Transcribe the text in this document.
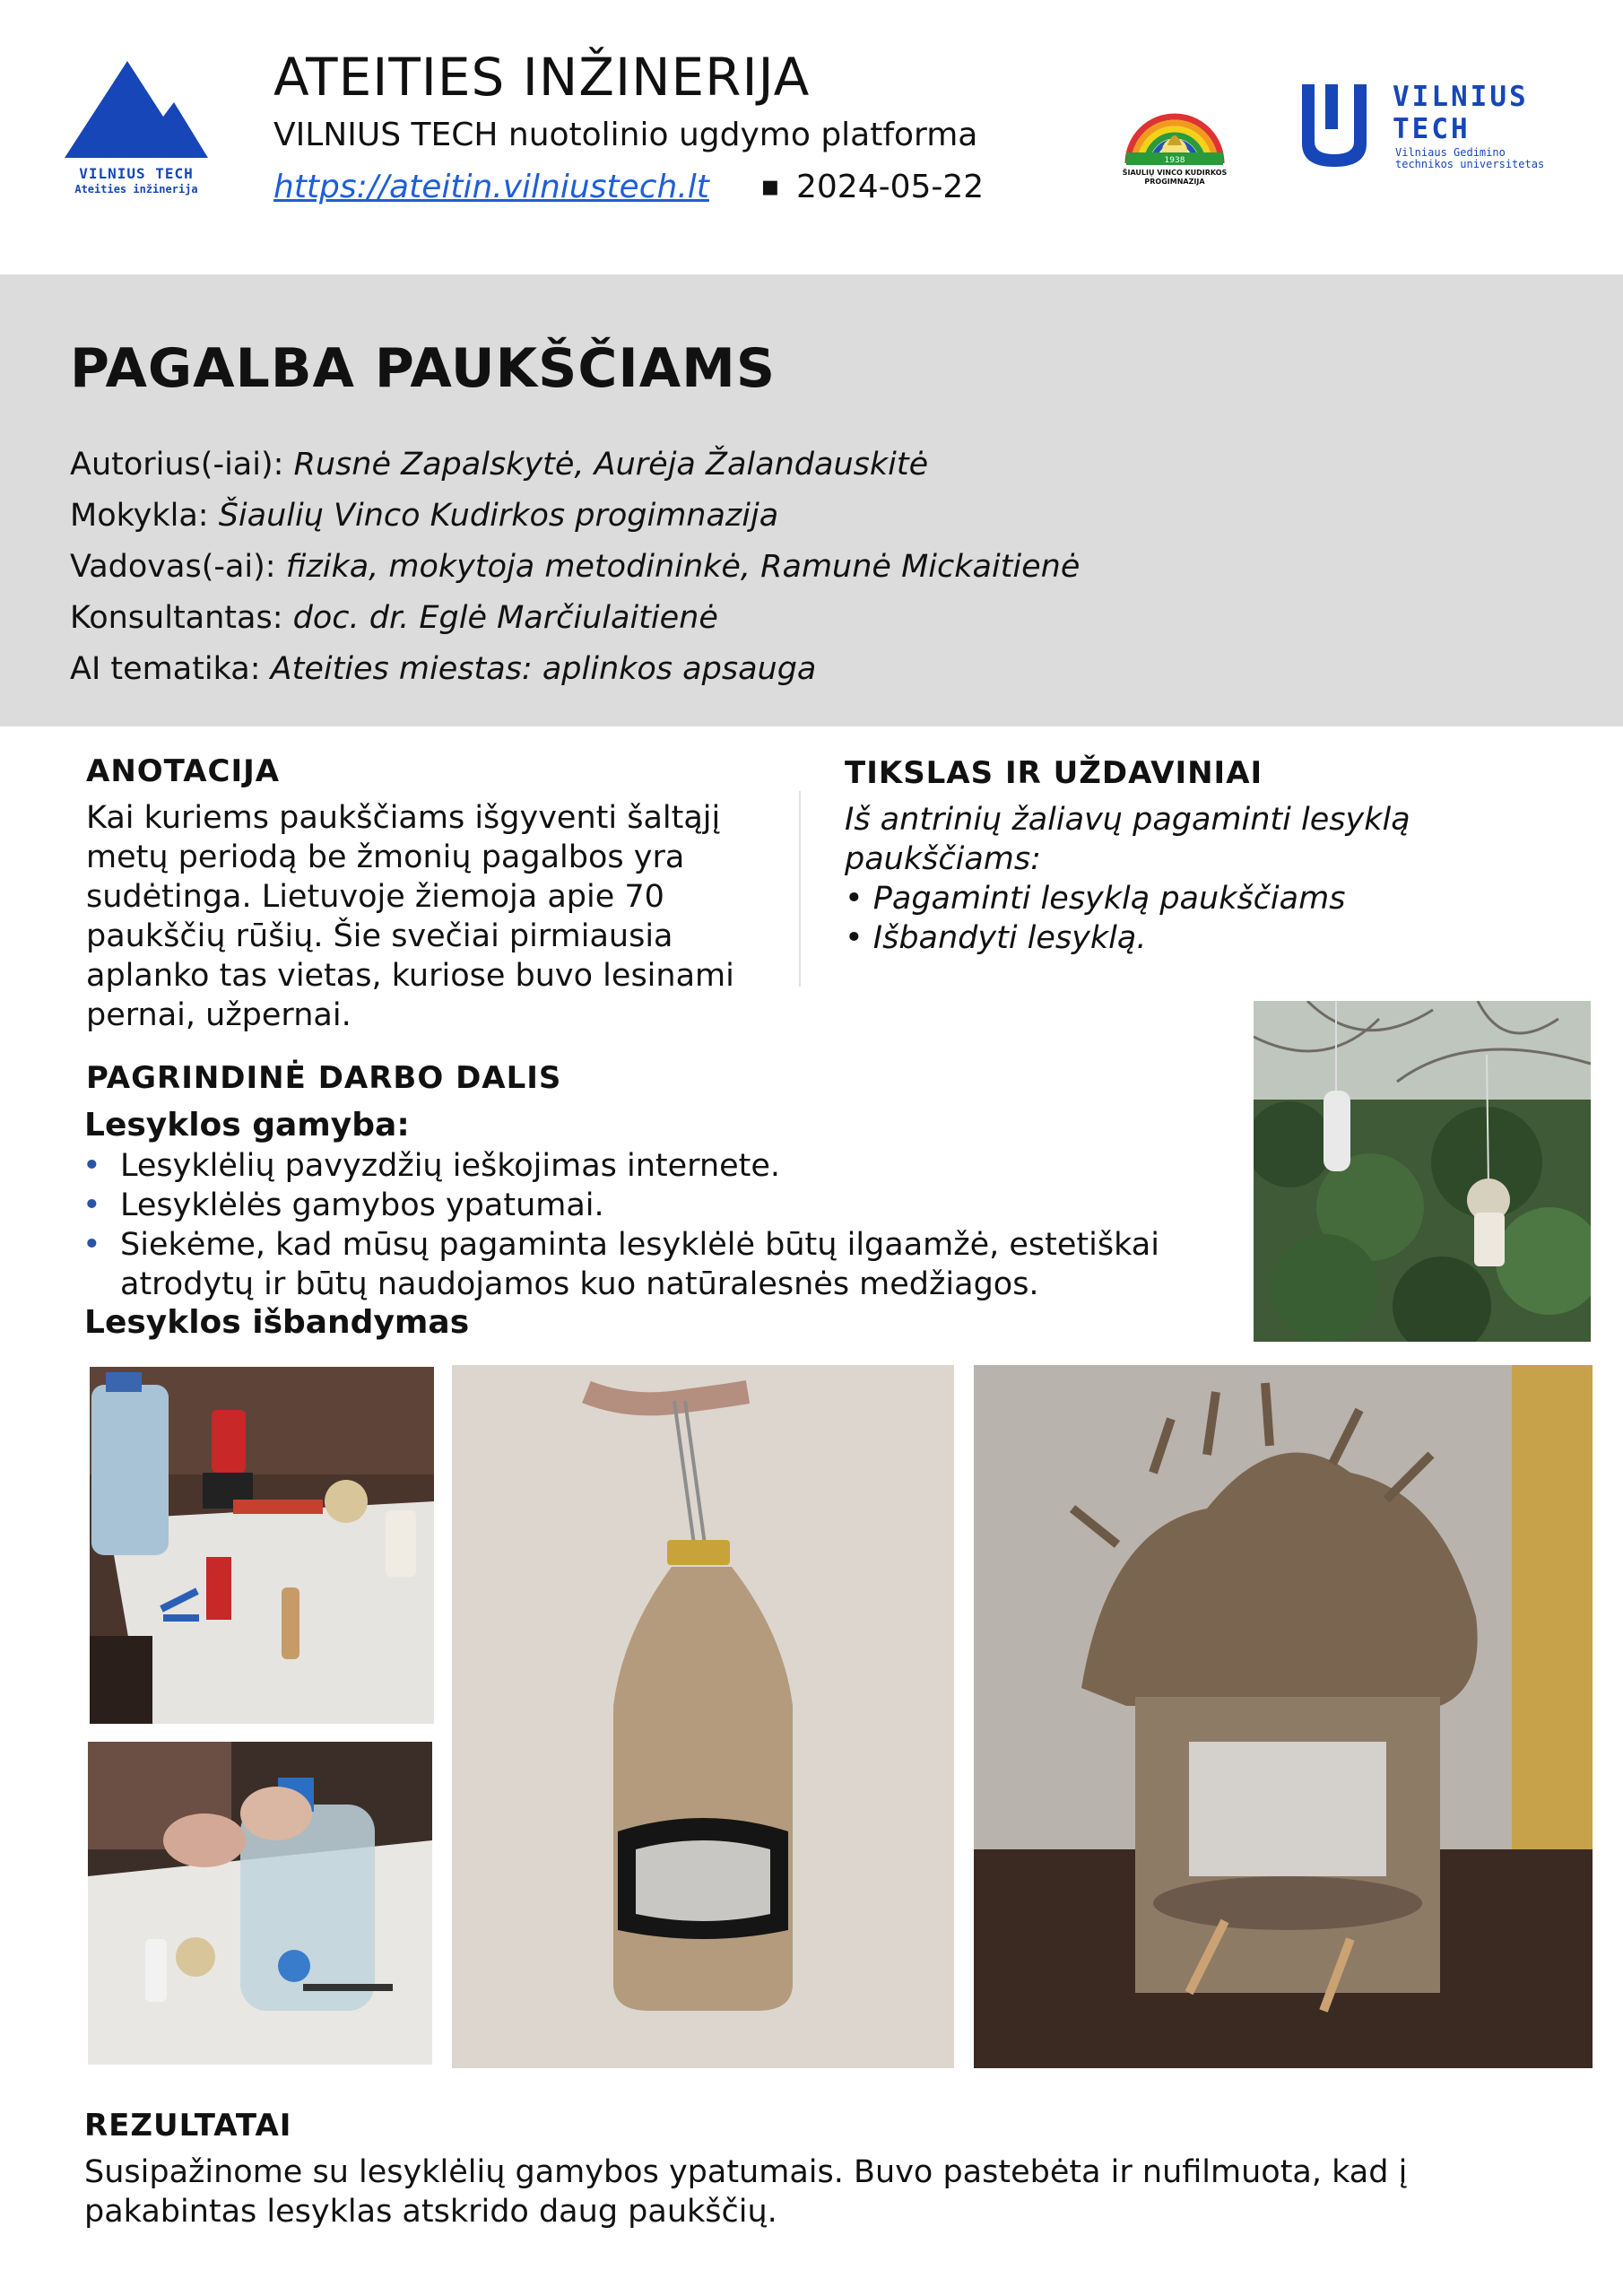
VILNIUS TECH
Ateities inžinerija
ATEITIES INŽINERIJA
VILNIUS TECH nuotolinio ugdymo platforma
https://ateitin.vilniustech.lt ▪ 2024-05-22
1938
ŠIAULIŲ VINCO KUDIRKOS PROGIMNAZIJA
VILNIUS
TECH
Vilniaus Gedimino
technikos universitetas
PAGALBA PAUKŠČIAMS
Autorius(-iai): Rusnė Zapalskytė, Aurėja Žalandauskitė
Mokykla: Šiaulių Vinco Kudirkos progimnazija
Vadovas(-ai): fizika, mokytoja metodininkė, Ramunė Mickaitienė
Konsultantas: doc. dr. Eglė Marčiulaitienė
AI tematika: Ateities miestas: aplinkos apsauga
ANOTACIJA
Kai kuriems paukščiams išgyventi šaltąjį metų periodą be žmonių pagalbos yra sudėtinga. Lietuvoje žiemoja apie 70 paukščių rūšių. Šie svečiai pirmiausia aplanko tas vietas, kuriose buvo lesinami pernai, užpernai.
TIKSLAS IR UŽDAVINIAI
Iš antrinių žaliavų pagaminti lesyklą paukščiams:
• Pagaminti lesyklą paukščiams
• Išbandyti lesyklą.
PAGRINDINĖ DARBO DALIS
Lesyklos gamyba:
• Lesyklėlių pavyzdžių ieškojimas internete.
• Lesyklėlės gamybos ypatumai.
• Siekėme, kad mūsų pagaminta lesyklėlė būtų ilgaamžė, estetiškai atrodytų ir būtų naudojamos kuo natūralesnės medžiagos.
Lesyklos išbandymas
REZULTATAI
Susipažinome su lesyklėlių gamybos ypatumais. Buvo pastebėta ir nufilmuota, kad į pakabintas lesyklas atskrido daug paukščių.
